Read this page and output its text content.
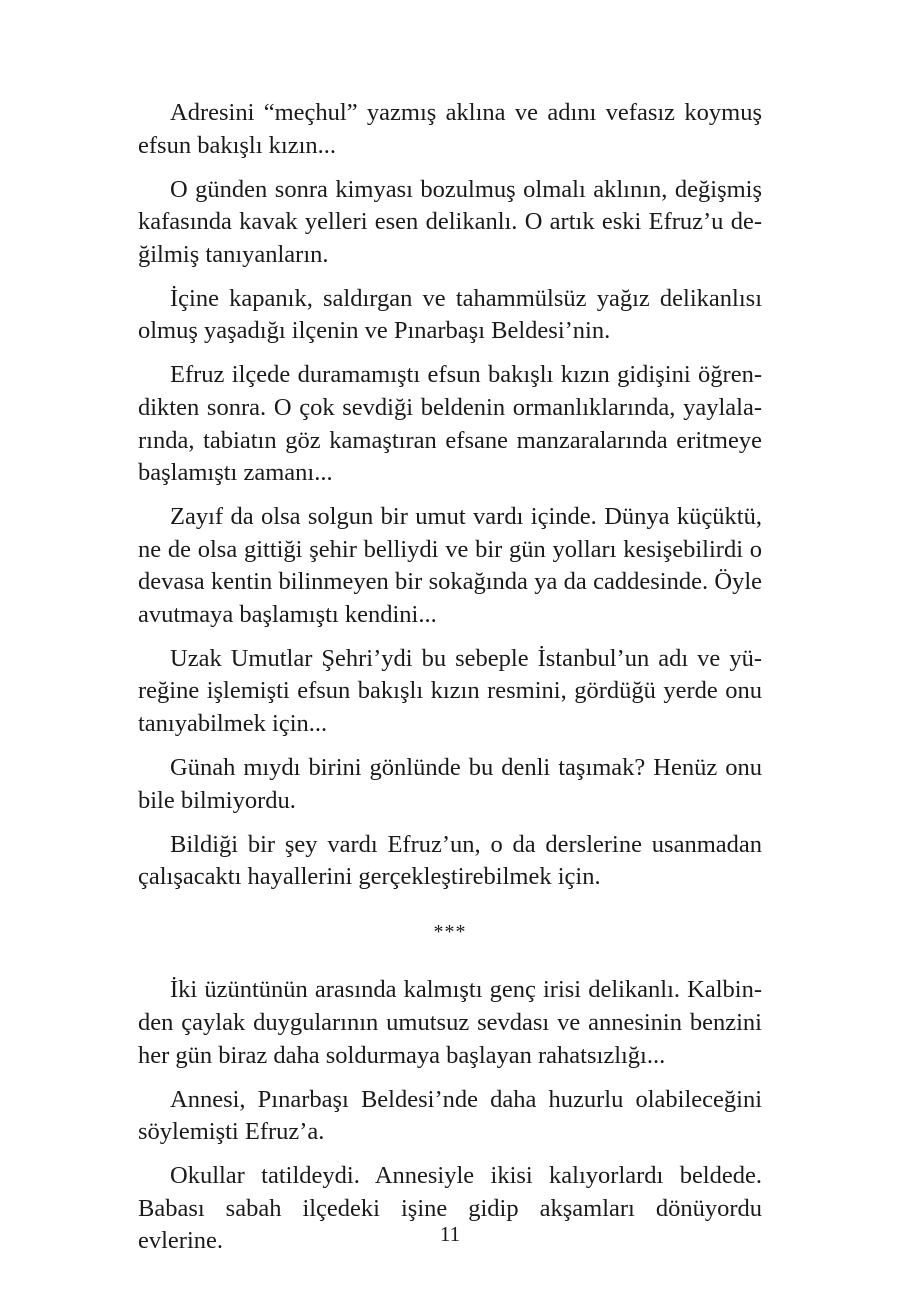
Adresini “meçhul” yazmış aklına ve adını vefasız koymuş efsun bakışlı kızın...

O günden sonra kimyası bozulmuş olmalı aklının, değişmiş kafasında kavak yelleri esen delikanlı. O artık eski Efruz’u değilmiş tanıyanların.

İçine kapanık, saldırgan ve tahammülsüz yağız delikanlısı olmuş yaşadığı ilçenin ve Pınarbaşı Beldesi’nin.

Efruz ilçede duramamıştı efsun bakışlı kızın gidişini öğrendikten sonra. O çok sevdiği beldenin ormanlıklarında, yaylalarında, tabiatın göz kamaştıran efsane manzaralarında eritmeye başlamıştı zamanı...

Zayıf da olsa solgun bir umut vardı içinde. Dünya küçüktü, ne de olsa gittiği şehir belliydi ve bir gün yolları kesişebilirdi o devasa kentin bilinmeyen bir sokağında ya da caddesinde. Öyle avutmaya başlamıştı kendini...

Uzak Umutlar Şehri’ydi bu sebeple İstanbul’un adı ve yüreğine işlemişti efsun bakışlı kızın resmini, gördüğü yerde onu tanıyabilmek için...

Günah mıydı birini gönlünde bu denli taşımak? Henüz onu bile bilmiyordu.

Bildiği bir şey vardı Efruz’un, o da derslerine usanmadan çalışacaktı hayallerini gerçekleştirebilmek için.

***

İki üzüntünün arasında kalmıştı genç irisi delikanlı. Kalbinden çaylak duygularının umutsuz sevdası ve annesinin benzini her gün biraz daha soldurmaya başlayan rahatsızlığı...

Annesi, Pınarbaşı Beldesi’nde daha huzurlu olabileceğini söylemişti Efruz’a.

Okullar tatildeydi. Annesiyle ikisi kalıyorlardı beldede. Babası sabah ilçedeki işine gidip akşamları dönüyordu evlerine.	11
